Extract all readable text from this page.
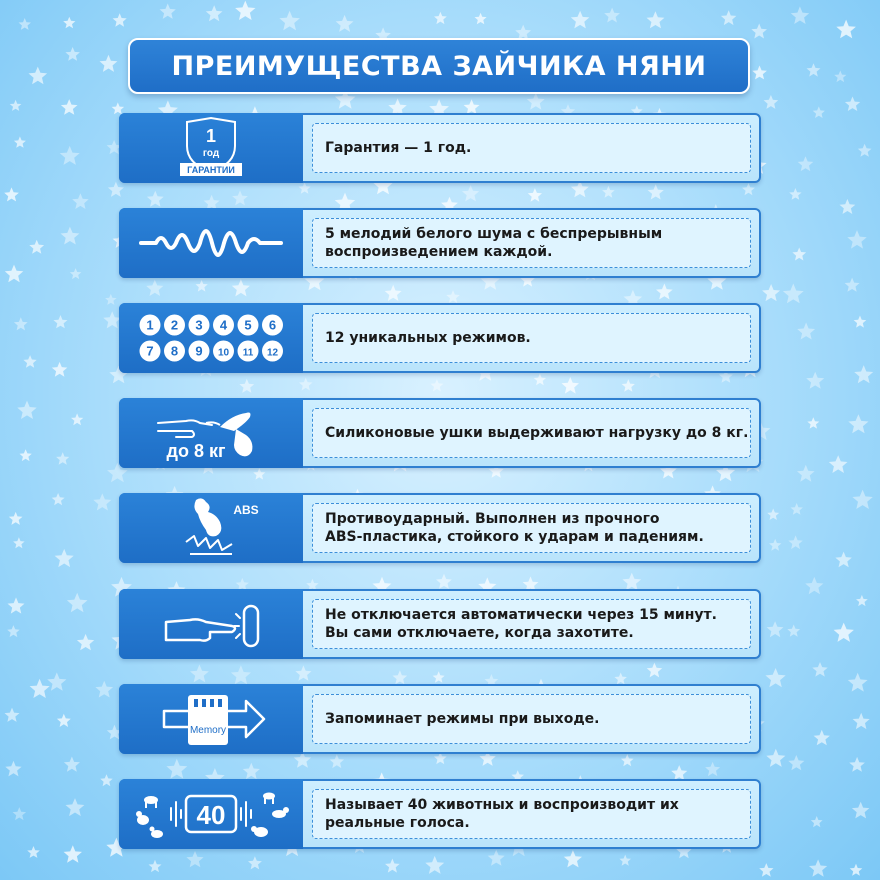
ПРЕИМУЩЕСТВА ЗАЙЧИКА НЯНИ
1
год
ГАРАНТИИ
Гарантия — 1 год.
5 мелодий белого шума с беспрерывным
воспроизведением каждой.
1 2 3 4 5 6
7 8 9 10 11 12
12 уникальных режимов.
до 8 кг
Силиконовые ушки выдерживают нагрузку до 8 кг.
ABS
Противоударный. Выполнен из прочного
ABS-пластика, стойкого к ударам и падениям.
Не отключается автоматически через 15 минут.
Вы сами отключаете, когда захотите.
Memory
Запоминает режимы при выходе.
40	Называет 40 животных и воспроизводит их
реальные голоса.
